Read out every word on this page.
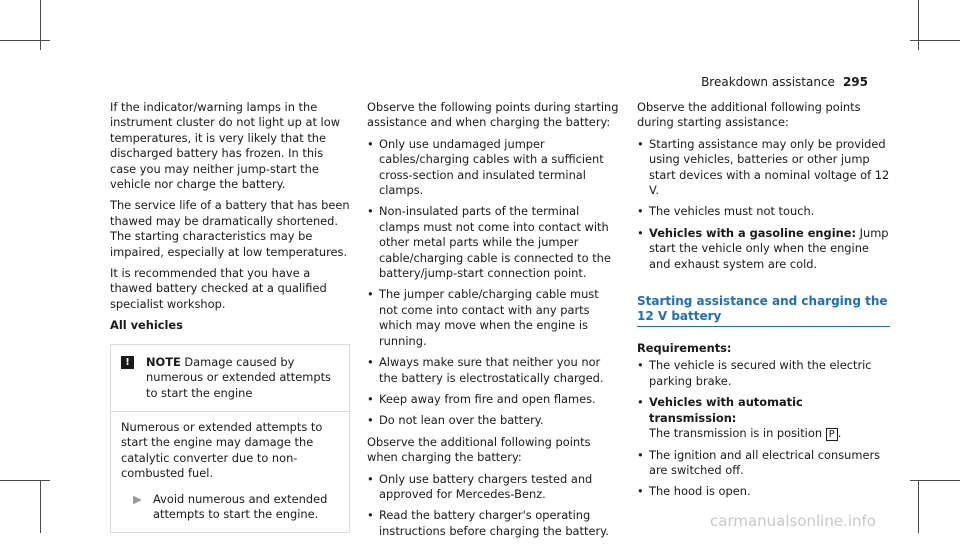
Breakdown assistance 295

If the indicator/warning lamps in the instrument cluster do not light up at low temperatures, it is very likely that the discharged battery has frozen. In this case you may neither jump-start the vehicle nor charge the battery.

The service life of a battery that has been thawed may be dramatically shortened. The starting characteristics may be impaired, especially at low temperatures.

It is recommended that you have a thawed battery checked at a qualified specialist workshop.

All vehicles

!	NOTE Damage caused by numerous or extended attempts to start the engine
Numerous or extended attempts to start the engine may damage the catalytic converter due to non-combusted fuel.
▶ Avoid numerous and extended attempts to start the engine.

Observe the following points during starting assistance and when charging the battery:

• Only use undamaged jumper cables/charging cables with a sufficient cross-section and insulated terminal clamps.
• Non-insulated parts of the terminal clamps must not come into contact with other metal parts while the jumper cable/charging cable is connected to the battery/jump-start connection point.
• The jumper cable/charging cable must not come into contact with any parts which may move when the engine is running.
• Always make sure that neither you nor the battery is electrostatically charged.
• Keep away from fire and open flames.
• Do not lean over the battery.

Observe the additional following points when charging the battery:

• Only use battery chargers tested and approved for Mercedes-Benz.
• Read the battery charger's operating instructions before charging the battery.

Observe the additional following points during starting assistance:

• Starting assistance may only be provided using vehicles, batteries or other jump start devices with a nominal voltage of 12 V.
• The vehicles must not touch.
• Vehicles with a gasoline engine: Jump start the vehicle only when the engine and exhaust system are cold.
Starting assistance and charging the 12 V battery

Requirements:

• The vehicle is secured with the electric parking brake.
• Vehicles with automatic transmission:
The transmission is in position P .
• The ignition and all electrical consumers are switched off.
• The hood is open.
carmanualsonline.info
